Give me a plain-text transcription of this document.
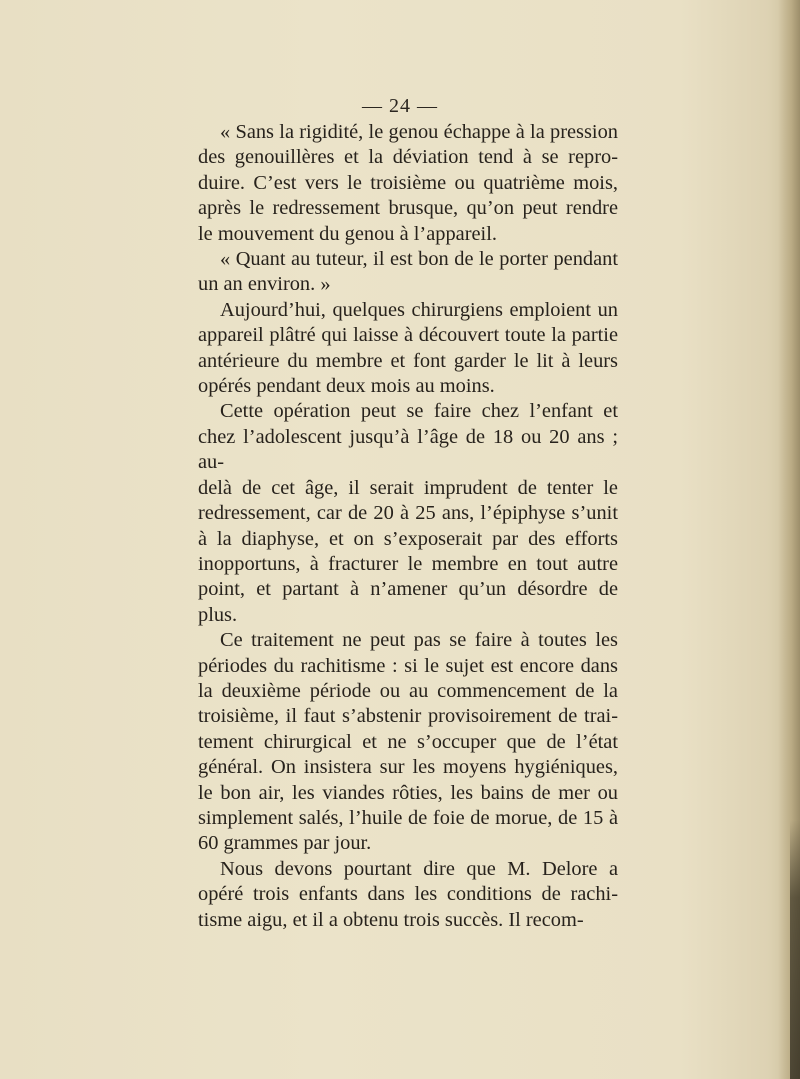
— 24 —

« Sans la rigidité, le genou échappe à la pression

des genouillères et la déviation tend à se repro-

duire. C’est vers le troisième ou quatrième mois,

après le redressement brusque, qu’on peut rendre

le mouvement du genou à l’appareil.

« Quant au tuteur, il est bon de le porter pendant

un an environ. »

Aujourd’hui, quelques chirurgiens emploient un

appareil plâtré qui laisse à découvert toute la partie

antérieure du membre et font garder le lit à leurs

opérés pendant deux mois au moins.

Cette opération peut se faire chez l’enfant et

chez l’adolescent jusqu’à l’âge de 18 ou 20 ans ; au-

delà de cet âge, il serait imprudent de tenter le

redressement, car de 20 à 25 ans, l’épiphyse s’unit

à la diaphyse, et on s’exposerait par des efforts

inopportuns, à fracturer le membre en tout autre

point, et partant à n’amener qu’un désordre de

plus.

Ce traitement ne peut pas se faire à toutes les

périodes du rachitisme : si le sujet est encore dans

la deuxième période ou au commencement de la

troisième, il faut s’abstenir provisoirement de trai-

tement chirurgical et ne s’occuper que de l’état

général. On insistera sur les moyens hygiéniques,

le bon air, les viandes rôties, les bains de mer ou

simplement salés, l’huile de foie de morue, de 15 à

60 grammes par jour.

Nous devons pourtant dire que M. Delore a

opéré trois enfants dans les conditions de rachi-

tisme aigu, et il a obtenu trois succès. Il recom-
